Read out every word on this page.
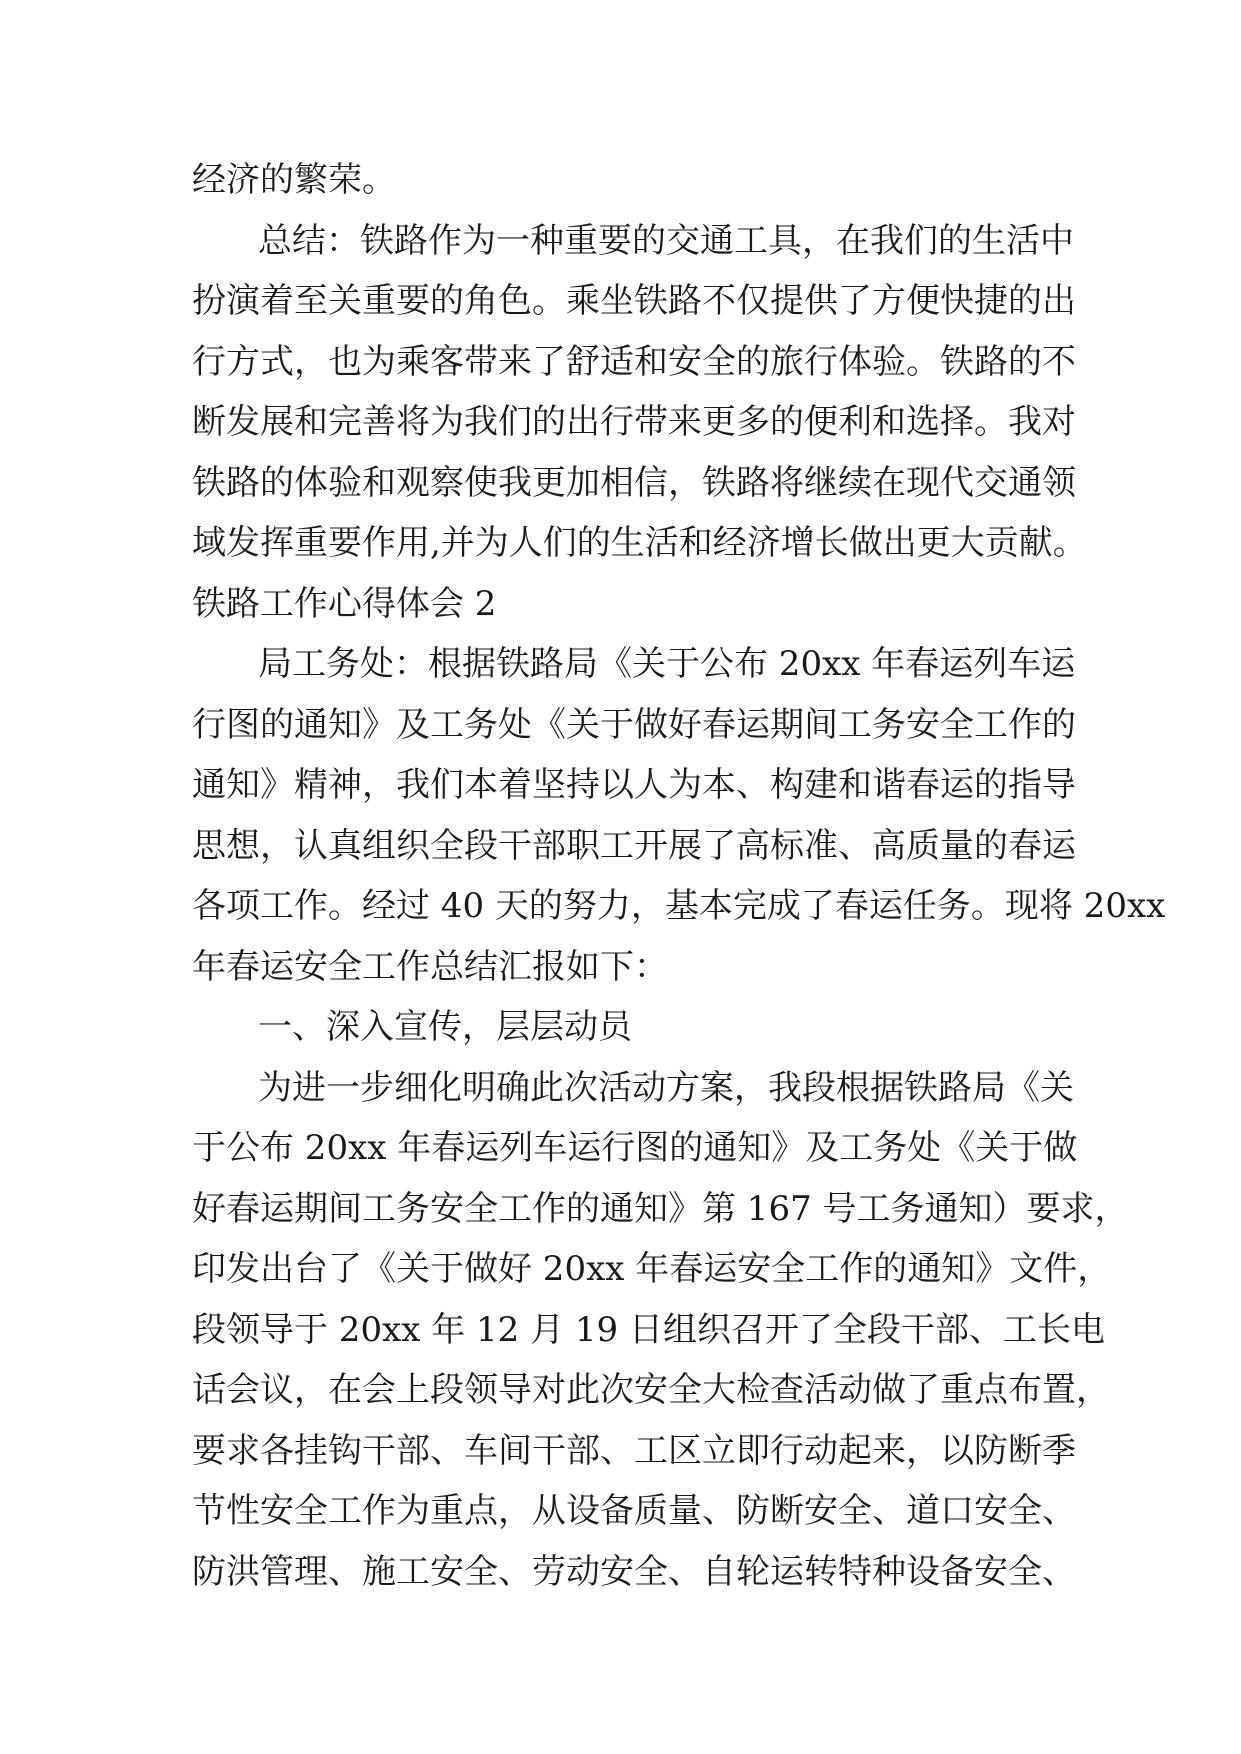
经济的繁荣。
总结：铁路作为一种重要的交通工具，在我们的生活中
扮演着至关重要的角色。乘坐铁路不仅提供了方便快捷的出
行方式，也为乘客带来了舒适和安全的旅行体验。铁路的不
断发展和完善将为我们的出行带来更多的便利和选择。我对
铁路的体验和观察使我更加相信，铁路将继续在现代交通领
域发挥重要作用,并为人们的生活和经济增长做出更大贡献。
铁路工作心得体会 2
局工务处：根据铁路局《关于公布 20xx 年春运列车运
行图的通知》及工务处《关于做好春运期间工务安全工作的
通知》精神，我们本着坚持以人为本、构建和谐春运的指导
思想，认真组织全段干部职工开展了高标准、高质量的春运
各项工作。经过 40 天的努力，基本完成了春运任务。现将 20xx
年春运安全工作总结汇报如下：
一、深入宣传，层层动员
为进一步细化明确此次活动方案，我段根据铁路局《关
于公布 20xx 年春运列车运行图的通知》及工务处《关于做
好春运期间工务安全工作的通知》第 167 号工务通知）要求，
印发出台了《关于做好 20xx 年春运安全工作的通知》文件，
段领导于 20xx 年 12 月 19 日组织召开了全段干部、工长电
话会议，在会上段领导对此次安全大检查活动做了重点布置，
要求各挂钩干部、车间干部、工区立即行动起来，以防断季
节性安全工作为重点，从设备质量、防断安全、道口安全、
防洪管理、施工安全、劳动安全、自轮运转特种设备安全、
